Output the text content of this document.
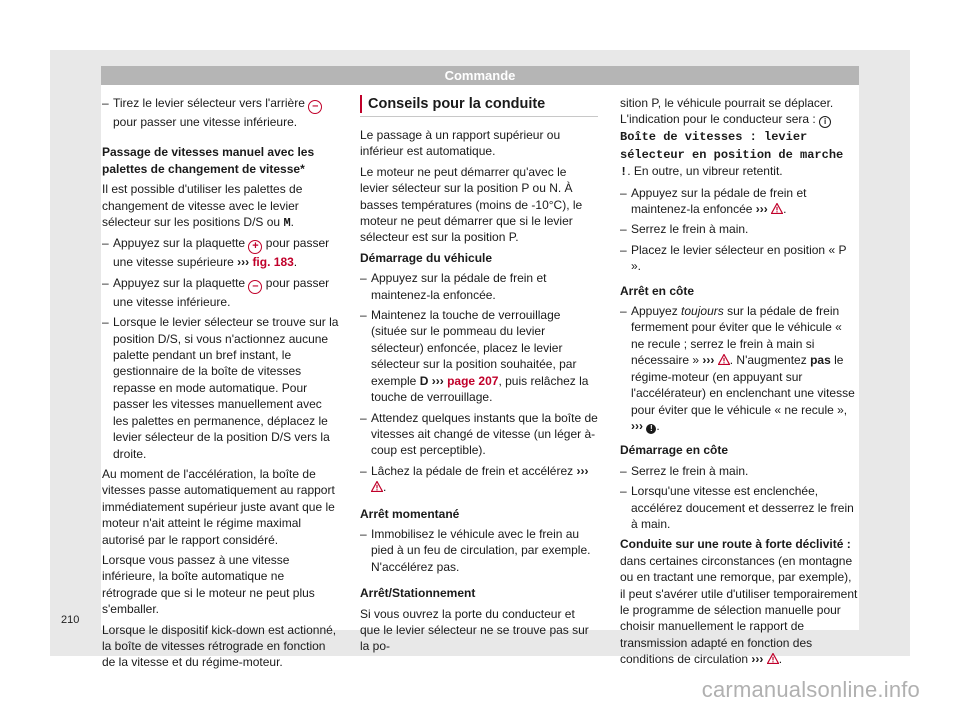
Commande
– Tirez le levier sélecteur vers l'arrière – pour passer une vitesse inférieure.
Passage de vitesses manuel avec les palettes de changement de vitesse*

Il est possible d'utiliser les palettes de changement de vitesse avec le levier sélecteur sur les positions D/S ou M.

– Appuyez sur la plaquette + pour passer une vitesse supérieure ››› fig. 183.
– Appuyez sur la plaquette – pour passer une vitesse inférieure.
– Lorsque le levier sélecteur se trouve sur la position D/S, si vous n'actionnez aucune palette pendant un bref instant, le gestionnaire de la boîte de vitesses repasse en mode automatique. Pour passer les vitesses manuellement avec les palettes en permanence, déplacez le levier sélecteur de la position D/S vers la droite.

Au moment de l'accélération, la boîte de vitesses passe automatiquement au rapport immédiatement supérieur juste avant que le moteur n'ait atteint le régime maximal autorisé par le rapport considéré.

Lorsque vous passez à une vitesse inférieure, la boîte automatique ne rétrograde que si le moteur ne peut plus s'emballer.

Lorsque le dispositif kick-down est actionné, la boîte de vitesses rétrograde en fonction de la vitesse et du régime-moteur.

Conseils pour la conduite

Le passage à un rapport supérieur ou inférieur est automatique.

Le moteur ne peut démarrer qu'avec le levier sélecteur sur la position P ou N. À basses températures (moins de -10°C), le moteur ne peut démarrer que si le levier sélecteur est sur la position P.

Démarrage du véhicule
– Appuyez sur la pédale de frein et maintenez-la enfoncée.
– Maintenez la touche de verrouillage (située sur le pommeau du levier sélecteur) enfoncée, placez le levier sélecteur sur la position souhaitée, par exemple D ››› page 207, puis relâchez la touche de verrouillage.
– Attendez quelques instants que la boîte de vitesses ait changé de vitesse (un léger à-coup est perceptible).
– Lâchez la pédale de frein et accélérez ›››
.
Arrêt momentané
– Immobilisez le véhicule avec le frein au pied à un feu de circulation, par exemple. N'accélérez pas.
Arrêt/Stationnement

Si vous ouvrez la porte du conducteur et que le levier sélecteur ne se trouve pas sur la po-

sition P, le véhicule pourrait se déplacer. L'indication pour le conducteur sera : i Boîte de vitesses : levier sélecteur en position de marche !. En outre, un vibreur retentit.

– Appuyez sur la pédale de frein et maintenez-la enfoncée ››› .
– Serrez le frein à main.
– Placez le levier sélecteur en position « P ».
Arrêt en côte
– Appuyez toujours sur la pédale de frein fermement pour éviter que le véhicule « ne recule ; serrez le frein à main si nécessaire » ››› . N'augmentez pas le régime-moteur (en appuyant sur l'accélérateur) en enclenchant une vitesse pour éviter que le véhicule « ne recule », ››› ! .
Démarrage en côte
– Serrez le frein à main.
– Lorsqu'une vitesse est enclenchée, accélérez doucement et desserrez le frein à main.
Conduite sur une route à forte déclivité :

dans certaines circonstances (en montagne ou en tractant une remorque, par exemple), il peut s'avérer utile d'utiliser temporairement le programme de sélection manuelle pour choisir manuellement le rapport de transmission adapté en fonction des conditions de circulation ››› .

210
carmanualsonline.info
